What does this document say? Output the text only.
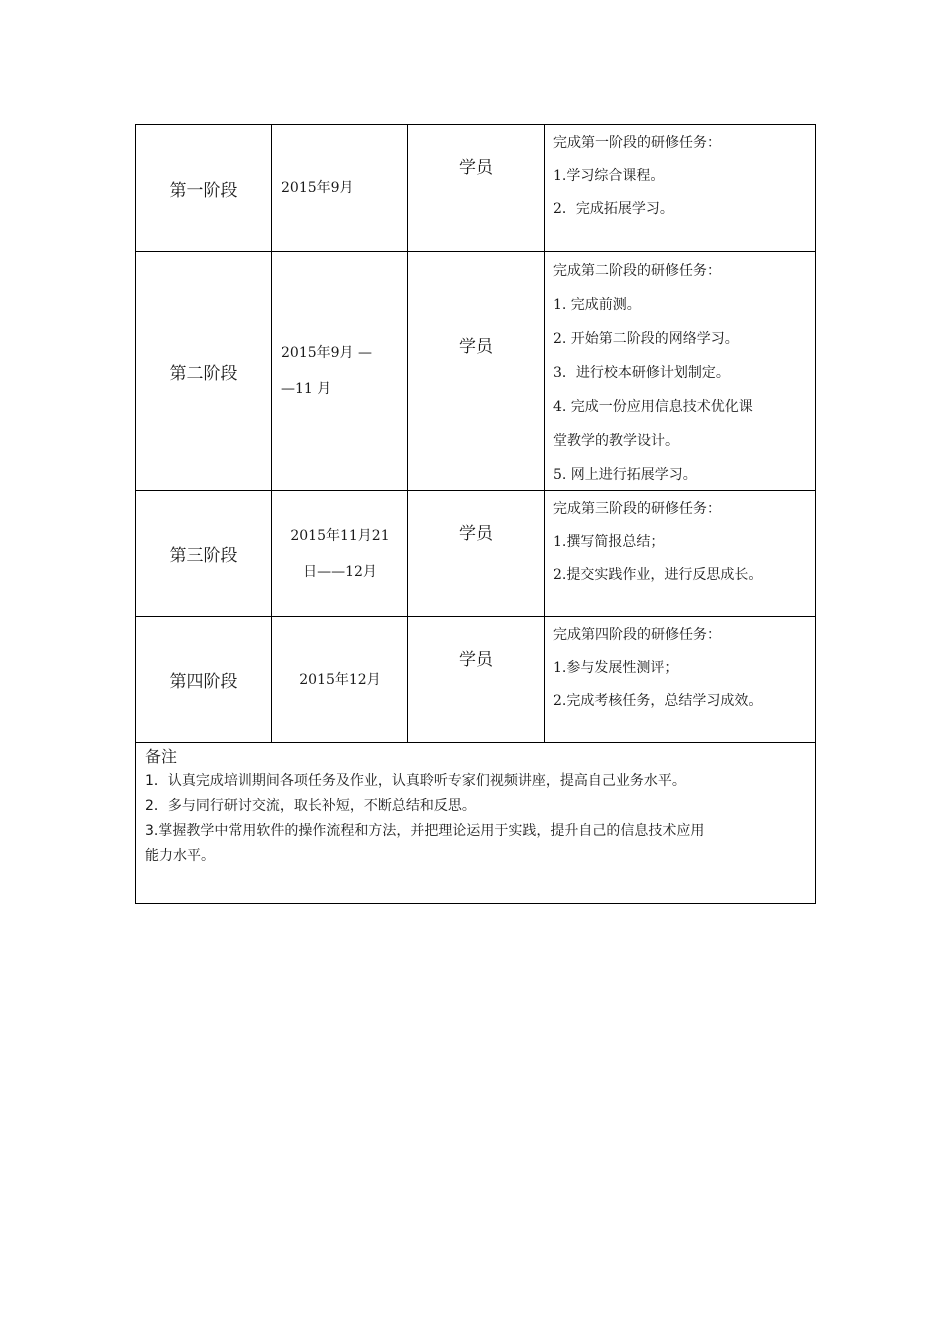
第一阶段	2015年9月
学员
完成第一阶段的研修任务：
1.学习综合课程。
2．完成拓展学习。
第二阶段
2015年9月 —
—11 月
学员
完成第二阶段的研修任务：
1. 完成前测。
2. 开始第二阶段的网络学习。
3．进行校本研修计划制定。
4. 完成一份应用信息技术优化课
堂教学的教学设计。
5. 网上进行拓展学习。
第三阶段
2015年11月21
日——12月
学员
完成第三阶段的研修任务：
1.撰写简报总结；
2.提交实践作业，进行反思成长。
第四阶段	2015年12月
学员
完成第四阶段的研修任务：
1.参与发展性测评；
2.完成考核任务，总结学习成效。
备注
1．认真完成培训期间各项任务及作业，认真聆听专家们视频讲座，提高自己业务水平。
2．多与同行研讨交流，取长补短，不断总结和反思。
3.掌握教学中常用软件的操作流程和方法，并把理论运用于实践，提升自己的信息技术应用
能力水平。
